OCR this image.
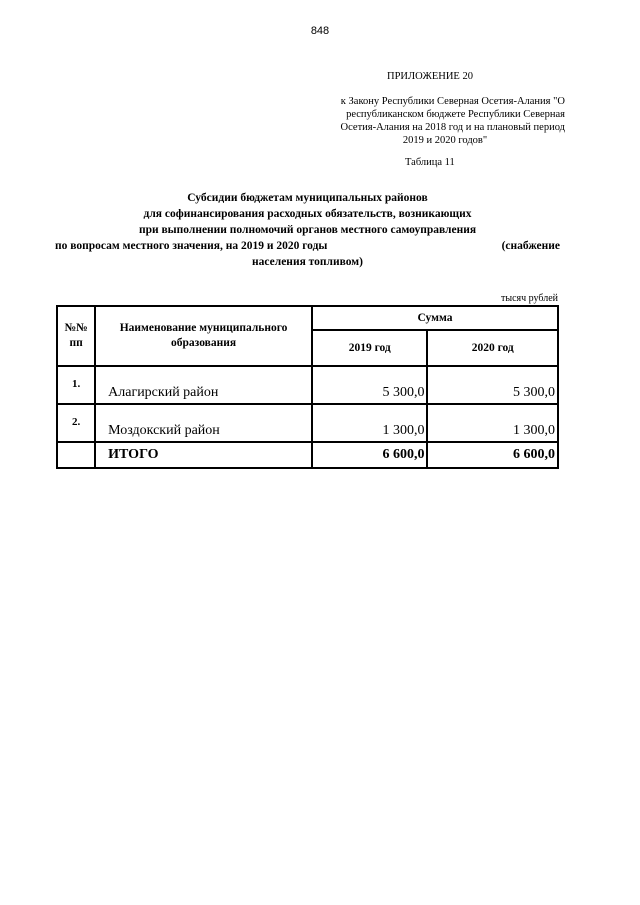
848
ПРИЛОЖЕНИЕ 20
к Закону Республики Северная Осетия-Алания "О
республиканском бюджете Республики Северная
Осетия-Алания на 2018 год и на плановый период
2019 и 2020 годов"
Таблица 11
Субсидии бюджетам муниципальных районов
для софинансирования расходных обязательств, возникающих
при выполнении полномочий органов местного самоуправления
по вопросам местного значения, на 2019 и 2020 годы	(снабжение
населения топливом)
тысяч рублей
№№ пп	Наименование муниципального образования	Сумма	
		2019 год	2020 год
1.	Алагирский район	5 300,0	5 300,0
2.	Моздокский район	1 300,0	1 300,0
	ИТОГО	6 600,0	6 600,0
